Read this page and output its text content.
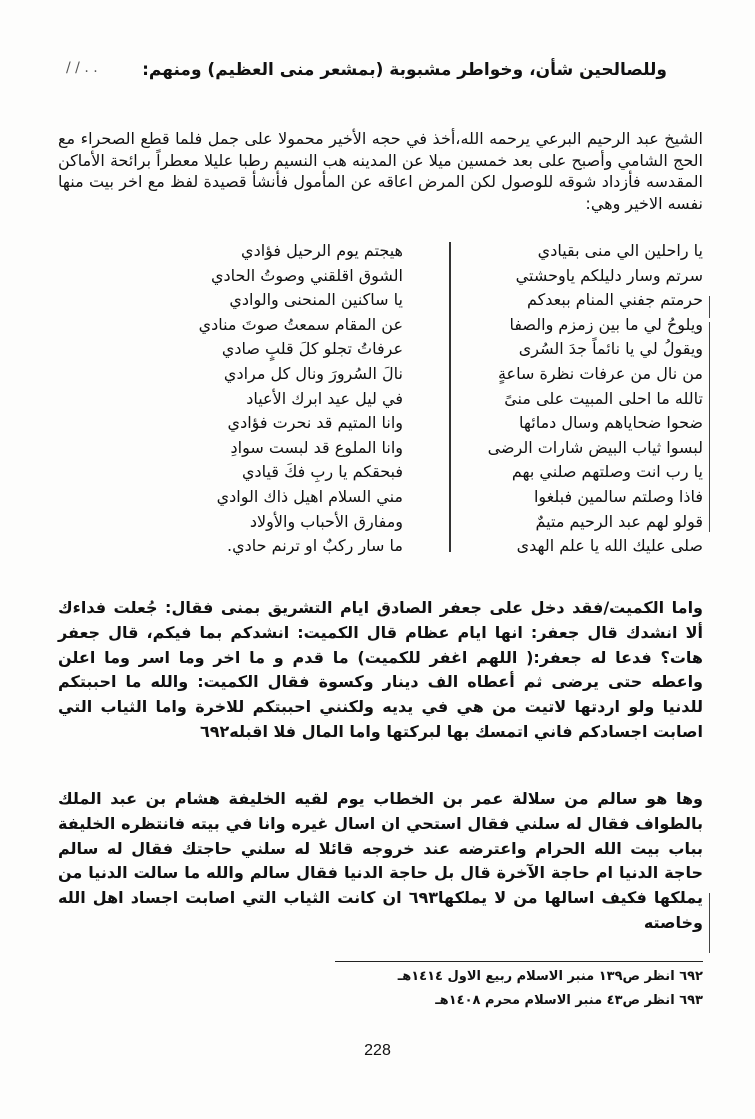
/ / . .	وللصالحين شأن، وخواطر مشبوبة (بمشعر منى العظيم) ومنهم:
الشيخ عبد الرحيم البرعي يرحمه الله،أخذ في حجه الأخير محمولا على جمل فلما قطع الصحراء مع الحج الشامي وأصبح على بعد خمسين ميلا عن المدينه هب النسيم رطبا عليلا معطراً برائحة الأماكن المقدسه فأزداد شوقه للوصول لكن المرض اعاقه عن المأمول فأنشأ قصيدة لفظ مع اخر بيت منها نفسه الاخير وهي:
يا راحلين الي منى بقيادي
هيجتم يوم الرحيل فؤادي
سرتم وسار دليلكم ياوحشتي
الشوق اقلقني وصوتُ الحادي
حرمتم جفني المنام ببعدكم
يا ساكنين المنحنى والوادي
ويلوحُ لي ما بين زمزم والصفا
عن المقام سمعتُ صوتَ منادي
ويقولُ لي يا نائماً جدَ السُرى
عرفاتُ تجلو كلَ قلبٍ صادي
من نال من عرفات نظرة ساعةٍ
نالَ السُرورَ ونال كل مرادي
تالله ما احلى المبيت على منىً
في ليل عيد ابرك الأعياد
ضحوا ضحاياهم وسال دمائها
وانا المتيم قد نحرت فؤادي
لبسوا ثياب البيض شارات الرضى
وانا الملوع قد لبست سوادِ
يا رب انت وصلتهم صلني بهم
فبحقكم يا ربِ فكَ قيادي
فاذا وصلتم سالمين فبلغوا
مني السلام اهيل ذاك الوادي
قولو لهم عبد الرحيم متيمٌ
ومفارق الأحباب والأولاد
صلى عليك الله يا علم الهدى
ما سار ركبٌ او ترنم حادي.
واما الكميت/فقد دخل على جعفر الصادق ايام التشريق بمنى فقال: جُعلت فداءك ألا انشدك قال جعفر: انها ايام عظام قال الكميت: انشدكم بما فيكم، قال جعفر هات؟ فدعا له جعفر:( اللهم اغفر للكميت) ما قدم و ما اخر وما اسر وما اعلن واعطه حتى يرضى ثم أعطاه الف دينار وكسوة فقال الكميت: والله ما احببتكم للدنيا ولو اردتها لاتيت من هي في يديه ولكنني احببتكم للاخرة واما الثياب التي اصابت اجسادكم فاني اتمسك بها لبركتها واما المال فلا اقبله٦٩٢
وها هو سالم من سلالة عمر بن الخطاب يوم لقيه الخليفة هشام بن عبد الملك بالطواف فقال له سلني فقال استحي ان اسال غيره وانا في بيته فانتظره الخليفة بباب بيت الله الحرام واعترضه عند خروجه قائلا له سلني حاجتك فقال له سالم حاجة الدنيا ام حاجة الآخرة قال بل حاجة الدنيا فقال سالم والله ما سالت الدنيا من يملكها فكيف اسالها من لا يملكها٦٩٣ ان كانت الثياب التي اصابت اجساد اهل الله وخاصته
٦٩٢ انظر ص١٣٩ منبر الاسلام ربيع الاول ١٤١٤هـ
٦٩٣ انظر ص٤٣ منبر الاسلام محرم ١٤٠٨هـ
228
